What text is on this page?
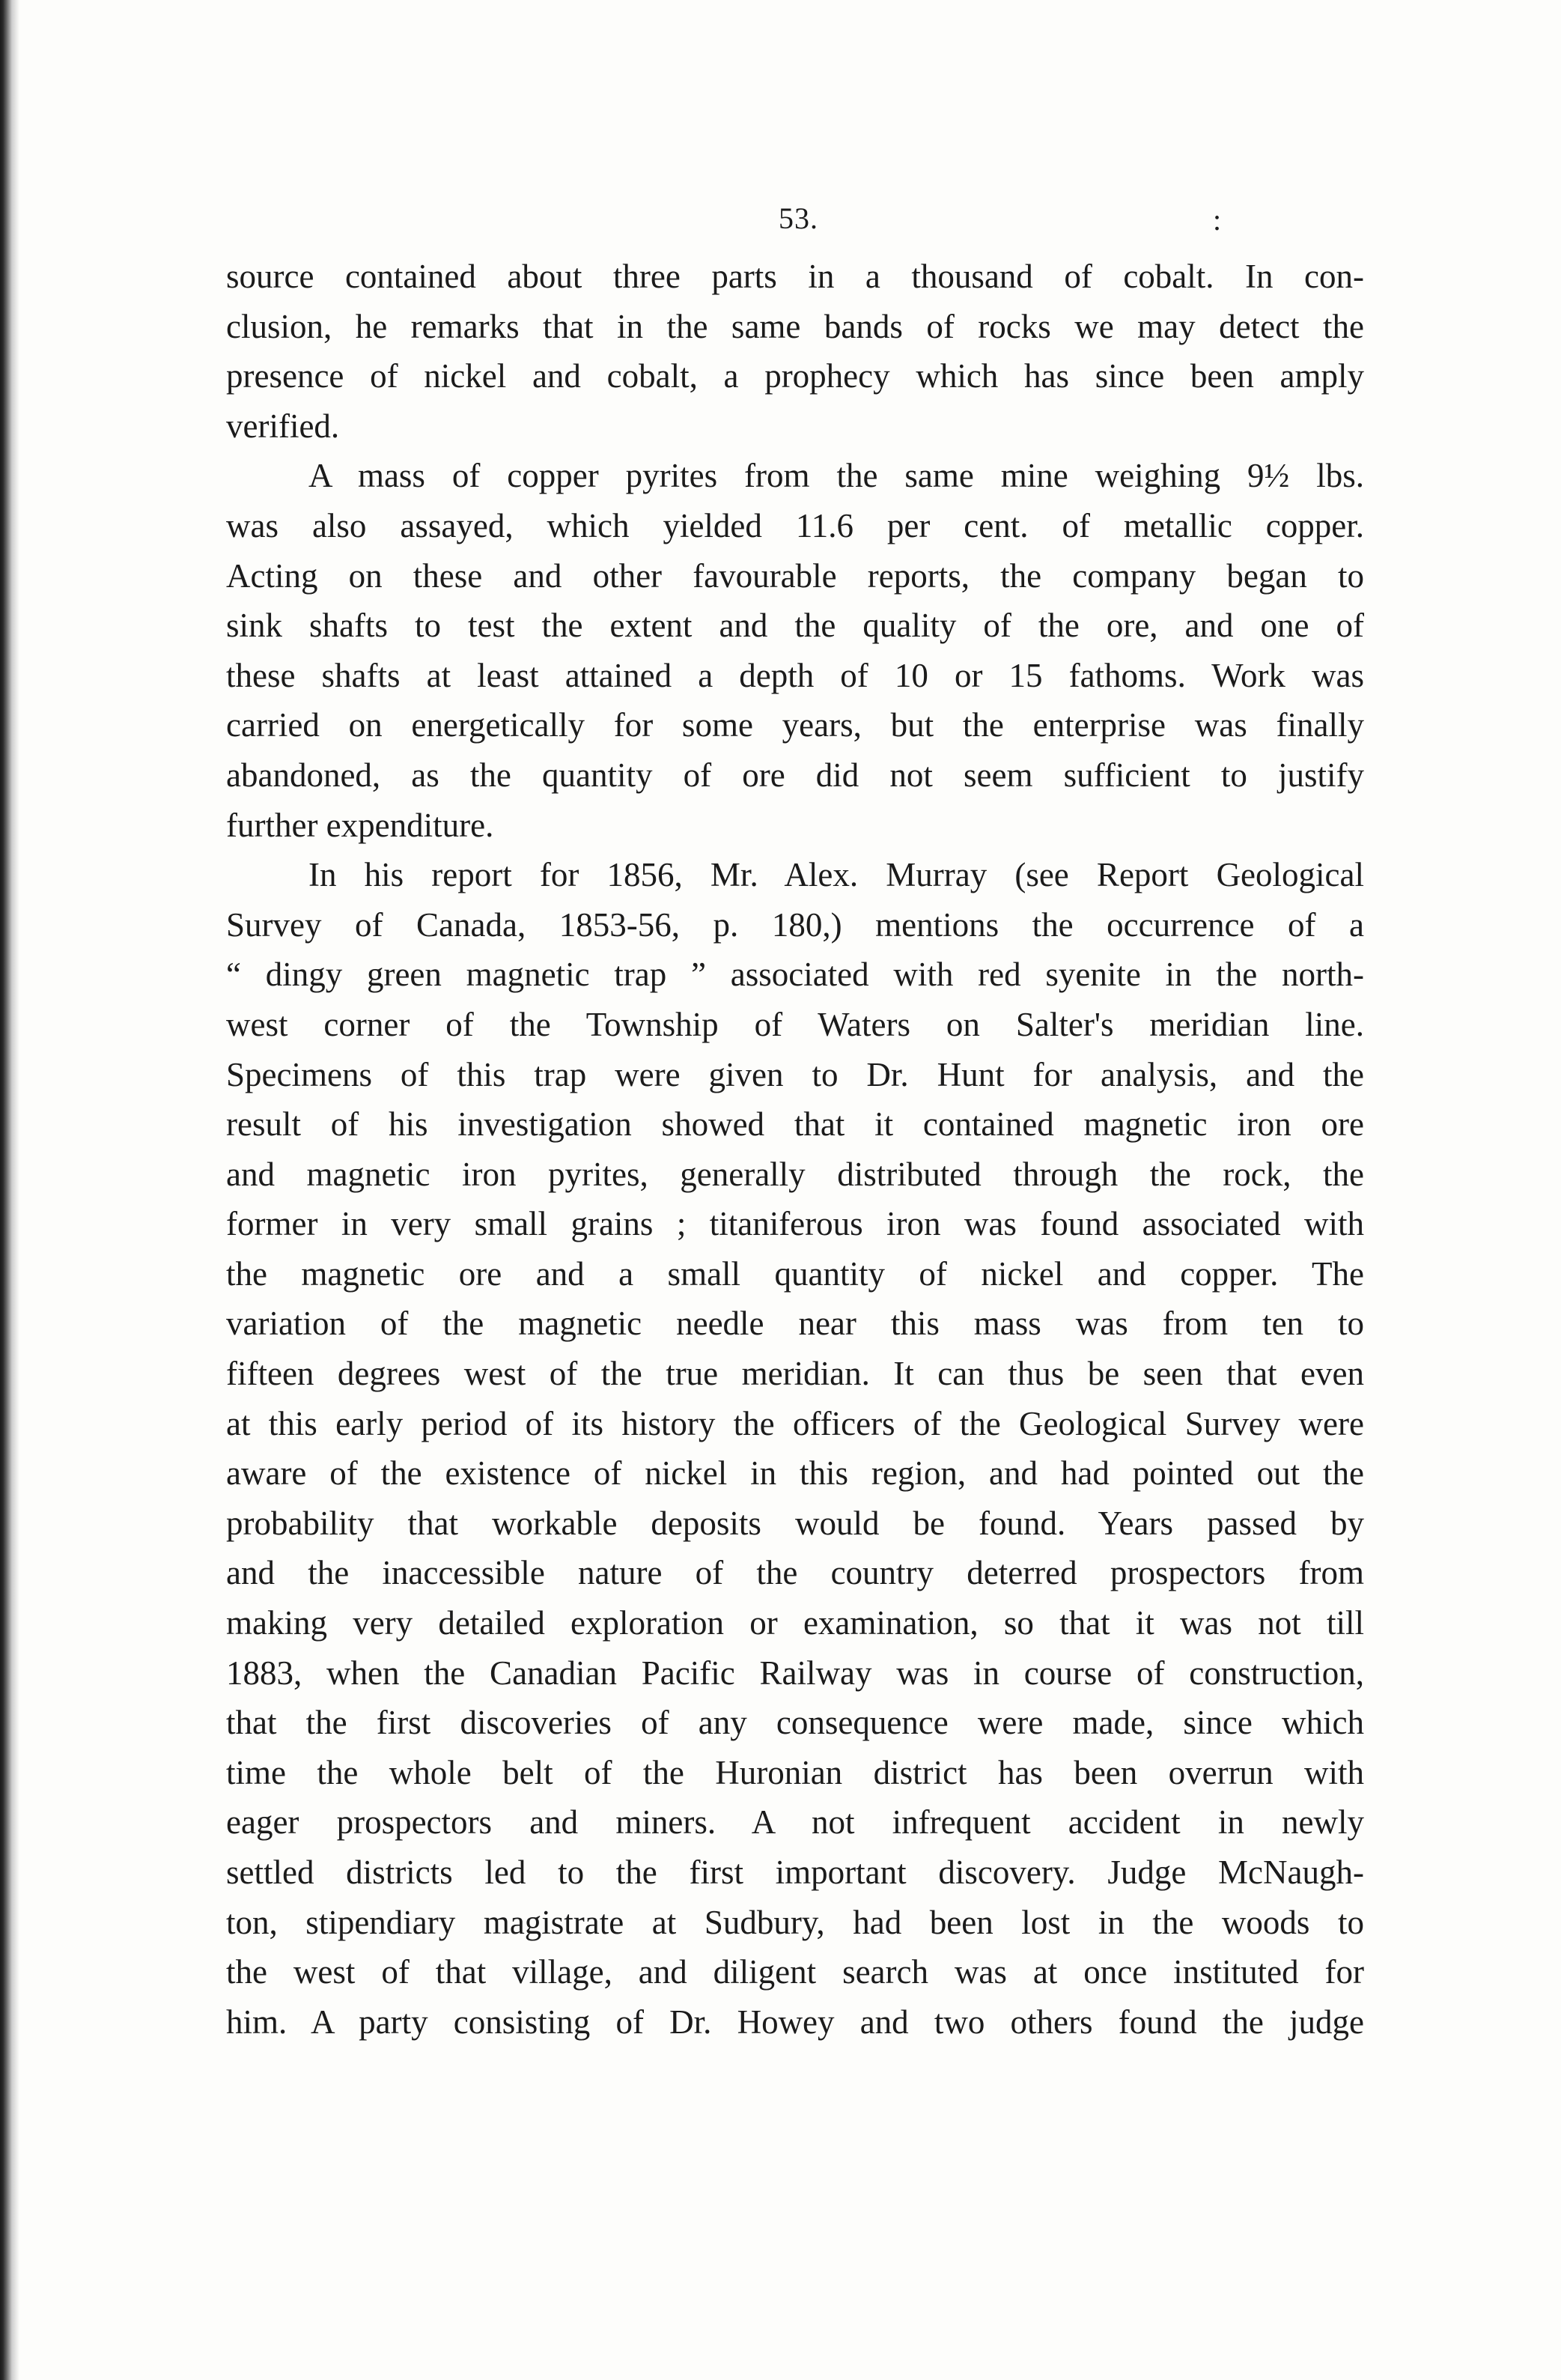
53.	:
source contained about three parts in a thousand of cobalt. In con-
clusion, he remarks that in the same bands of rocks we may detect the
presence of nickel and cobalt, a prophecy which has since been amply
verified.
A mass of copper pyrites from the same mine weighing 9½ lbs.
was also assayed, which yielded 11.6 per cent. of metallic copper.
Acting on these and other favourable reports, the company began to
sink shafts to test the extent and the quality of the ore, and one of
these shafts at least attained a depth of 10 or 15 fathoms. Work was
carried on energetically for some years, but the enterprise was finally
abandoned, as the quantity of ore did not seem sufficient to justify
further expenditure.
In his report for 1856, Mr. Alex. Murray (see Report Geological
Survey of Canada, 1853-56, p. 180,) mentions the occurrence of a
“ dingy green magnetic trap ” associated with red syenite in the north-
west corner of the Township of Waters on Salter's meridian line.
Specimens of this trap were given to Dr. Hunt for analysis, and the
result of his investigation showed that it contained magnetic iron ore
and magnetic iron pyrites, generally distributed through the rock, the
former in very small grains ; titaniferous iron was found associated with
the magnetic ore and a small quantity of nickel and copper. The
variation of the magnetic needle near this mass was from ten to
fifteen degrees west of the true meridian. It can thus be seen that even
at this early period of its history the officers of the Geological Survey were
aware of the existence of nickel in this region, and had pointed out the
probability that workable deposits would be found. Years passed by
and the inaccessible nature of the country deterred prospectors from
making very detailed exploration or examination, so that it was not till
1883, when the Canadian Pacific Railway was in course of construction,
that the first discoveries of any consequence were made, since which
time the whole belt of the Huronian district has been overrun with
eager prospectors and miners. A not infrequent accident in newly
settled districts led to the first important discovery. Judge McNaugh-
ton, stipendiary magistrate at Sudbury, had been lost in the woods to
the west of that village, and diligent search was at once instituted for
him. A party consisting of Dr. Howey and two others found the judge
